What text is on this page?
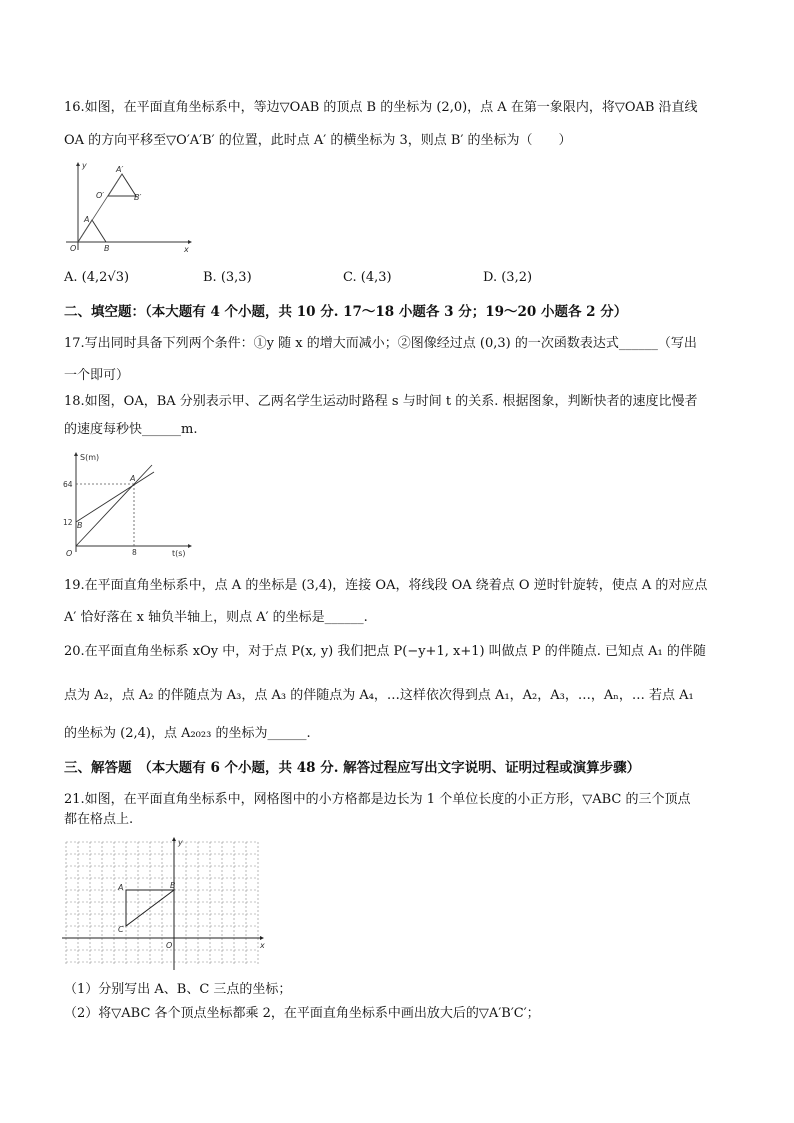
16.如图，在平面直角坐标系中，等边▽OAB 的顶点 B 的坐标为 (2,0)，点 A 在第一象限内，将▽OAB 沿直线
OA 的方向平移至▽O′A′B′ 的位置，此时点 A′ 的横坐标为 3，则点 B′ 的坐标为（　　）
y
x
O
A
B
O′
A′
B′
A. (4,2√3)	B. (3,3)	C. (4,3)	D. (3,2)
二、填空题：（本大题有 4 个小题，共 10 分. 17～18 小题各 3 分；19～20 小题各 2 分）
17.写出同时具备下列两个条件：①y 随 x 的增大而减小；②图像经过点 (0,3) 的一次函数表达式______（写出
一个即可）
18.如图，OA，BA 分别表示甲、乙两名学生运动时路程 s 与时间 t 的关系. 根据图象，判断快者的速度比慢者
的速度每秒快______m.
S(m)
t(s)
O
A
B
64
12
8
19.在平面直角坐标系中，点 A 的坐标是 (3,4)，连接 OA，将线段 OA 绕着点 O 逆时针旋转，使点 A 的对应点
A′ 恰好落在 x 轴负半轴上，则点 A′ 的坐标是______.
20.在平面直角坐标系 xOy 中，对于点 P(x, y) 我们把点 P(−y+1, x+1) 叫做点 P 的伴随点. 已知点 A₁ 的伴随
点为 A₂，点 A₂ 的伴随点为 A₃，点 A₃ 的伴随点为 A₄，…这样依次得到点 A₁，A₂，A₃，…，Aₙ，… 若点 A₁
的坐标为 (2,4)，点 A₂₀₂₃ 的坐标为______.
三、解答题　（本大题有 6 个小题，共 48 分. 解答过程应写出文字说明、证明过程或演算步骤）
21.如图，在平面直角坐标系中，网格图中的小方格都是边长为 1 个单位长度的小正方形，▽ABC 的三个顶点
都在格点上.
y
x
O
A	B
C
（1）分别写出 A、B、C 三点的坐标；
（2）将▽ABC 各个顶点坐标都乘 2，在平面直角坐标系中画出放大后的▽A′B′C′；
